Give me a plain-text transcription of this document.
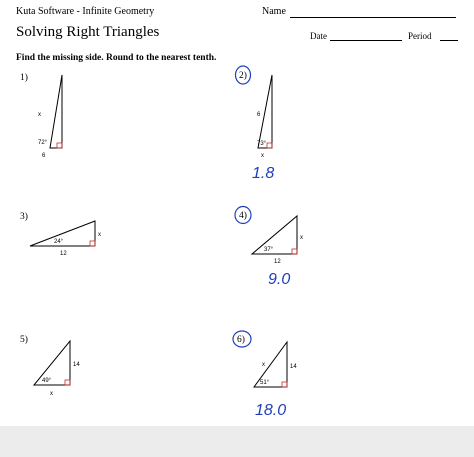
Kuta Software - Infinite Geometry	Name
Solving Right Triangles	Date	Period
Find the missing side. Round to the nearest tenth.
1)	2)
3)	4)
5)	6)
x
72°
6
6
73°
x
1.8
x
24°
12
x
37°
12
9.0
14
49°
x
x	14
51°
18.0
